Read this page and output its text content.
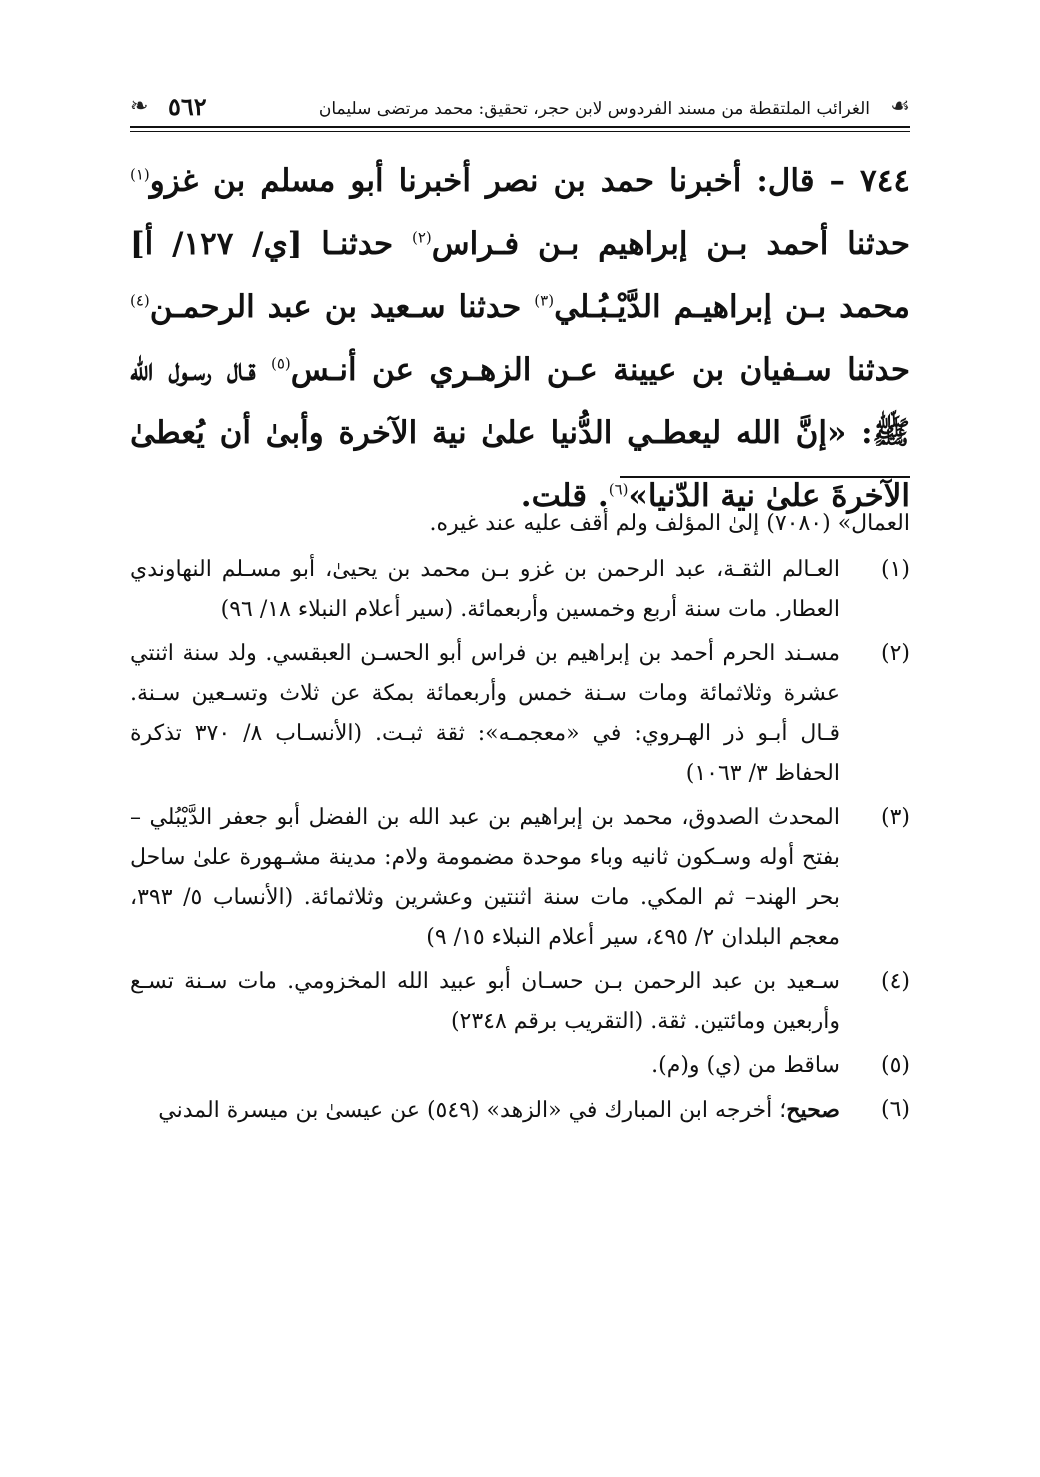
❧ ٥٦٢	الغرائب الملتقطة من مسند الفردوس لابن حجر، تحقيق: محمد مرتضى سليمان ☙

٧٤٤ – قال: أخبرنا حمد بن نصر أخبرنا أبو مسلم بن غزو$^{(١)}$ حدثنا أحمد بـن إبراهيم بـن فـراس$^{(٢)}$ حدثنـا [ي/ ١٢٧/ أ] محمد بـن إبراهيـم الدَّيْـبُـلي$^{(٣)}$ حدثنا سـعيد بن عبد الرحمـن$^{(٤)}$ حدثنا سـفيان بن عيينة عـن الزهـري عن أنـس$^{(٥)}$ قـال رسـول الله ﷺ: «إنَّ الله ليعطـي الدُّنيا علىٰ نية الآخرة وأبىٰ أن يُعطىٰ الآخرةَ علىٰ نية الدّنيا»$^{(٦)}$. قلت.

العمال» (٧٠٨٠) إلىٰ المؤلف ولم أقف عليه عند غيره.

(١)
العـالم الثقـة، عبد الرحمن بن غزو بـن محمد بن يحيىٰ، أبو مسـلم النهاوندي العطار. مات سنة أربع وخمسين وأربعمائة. (سير أعلام النبلاء ١٨/ ٩٦)
(٢)
مسـند الحرم أحمد بن إبراهيم بن فراس أبو الحسـن العبقسي. ولد سنة اثنتي عشرة وثلاثمائة ومات سـنة خمس وأربعمائة بمكة عن ثلاث وتسـعين سـنة. قـال أبـو ذر الهـروي: في «معجمـه»: ثقة ثبـت. (الأنسـاب ٨/ ٣٧٠ تذكرة الحفاظ ٣/ ١٠٦٣)
(٣)
المحدث الصدوق، محمد بن إبراهيم بن عبد الله بن الفضل أبو جعفر الدَّيْبُلي –بفتح أوله وسـكون ثانيه وباء موحدة مضمومة ولام: مدينة مشـهورة علىٰ ساحل بحر الهند– ثم المكي. مات سنة اثنتين وعشرين وثلاثمائة. (الأنساب ٥/ ٣٩٣، معجم البلدان ٢/ ٤٩٥، سير أعلام النبلاء ١٥/ ٩)
(٤)
سـعيد بن عبد الرحمن بـن حسـان أبو عبيد الله المخزومي. مات سـنة تسـع وأربعين ومائتين. ثقة. (التقريب برقم ٢٣٤٨)
(٥)
ساقط من (ي) و(م).
(٦)
صحيح؛ أخرجه ابن المبارك في «الزهد» (٥٤٩) عن عيسىٰ بن ميسرة المدني
